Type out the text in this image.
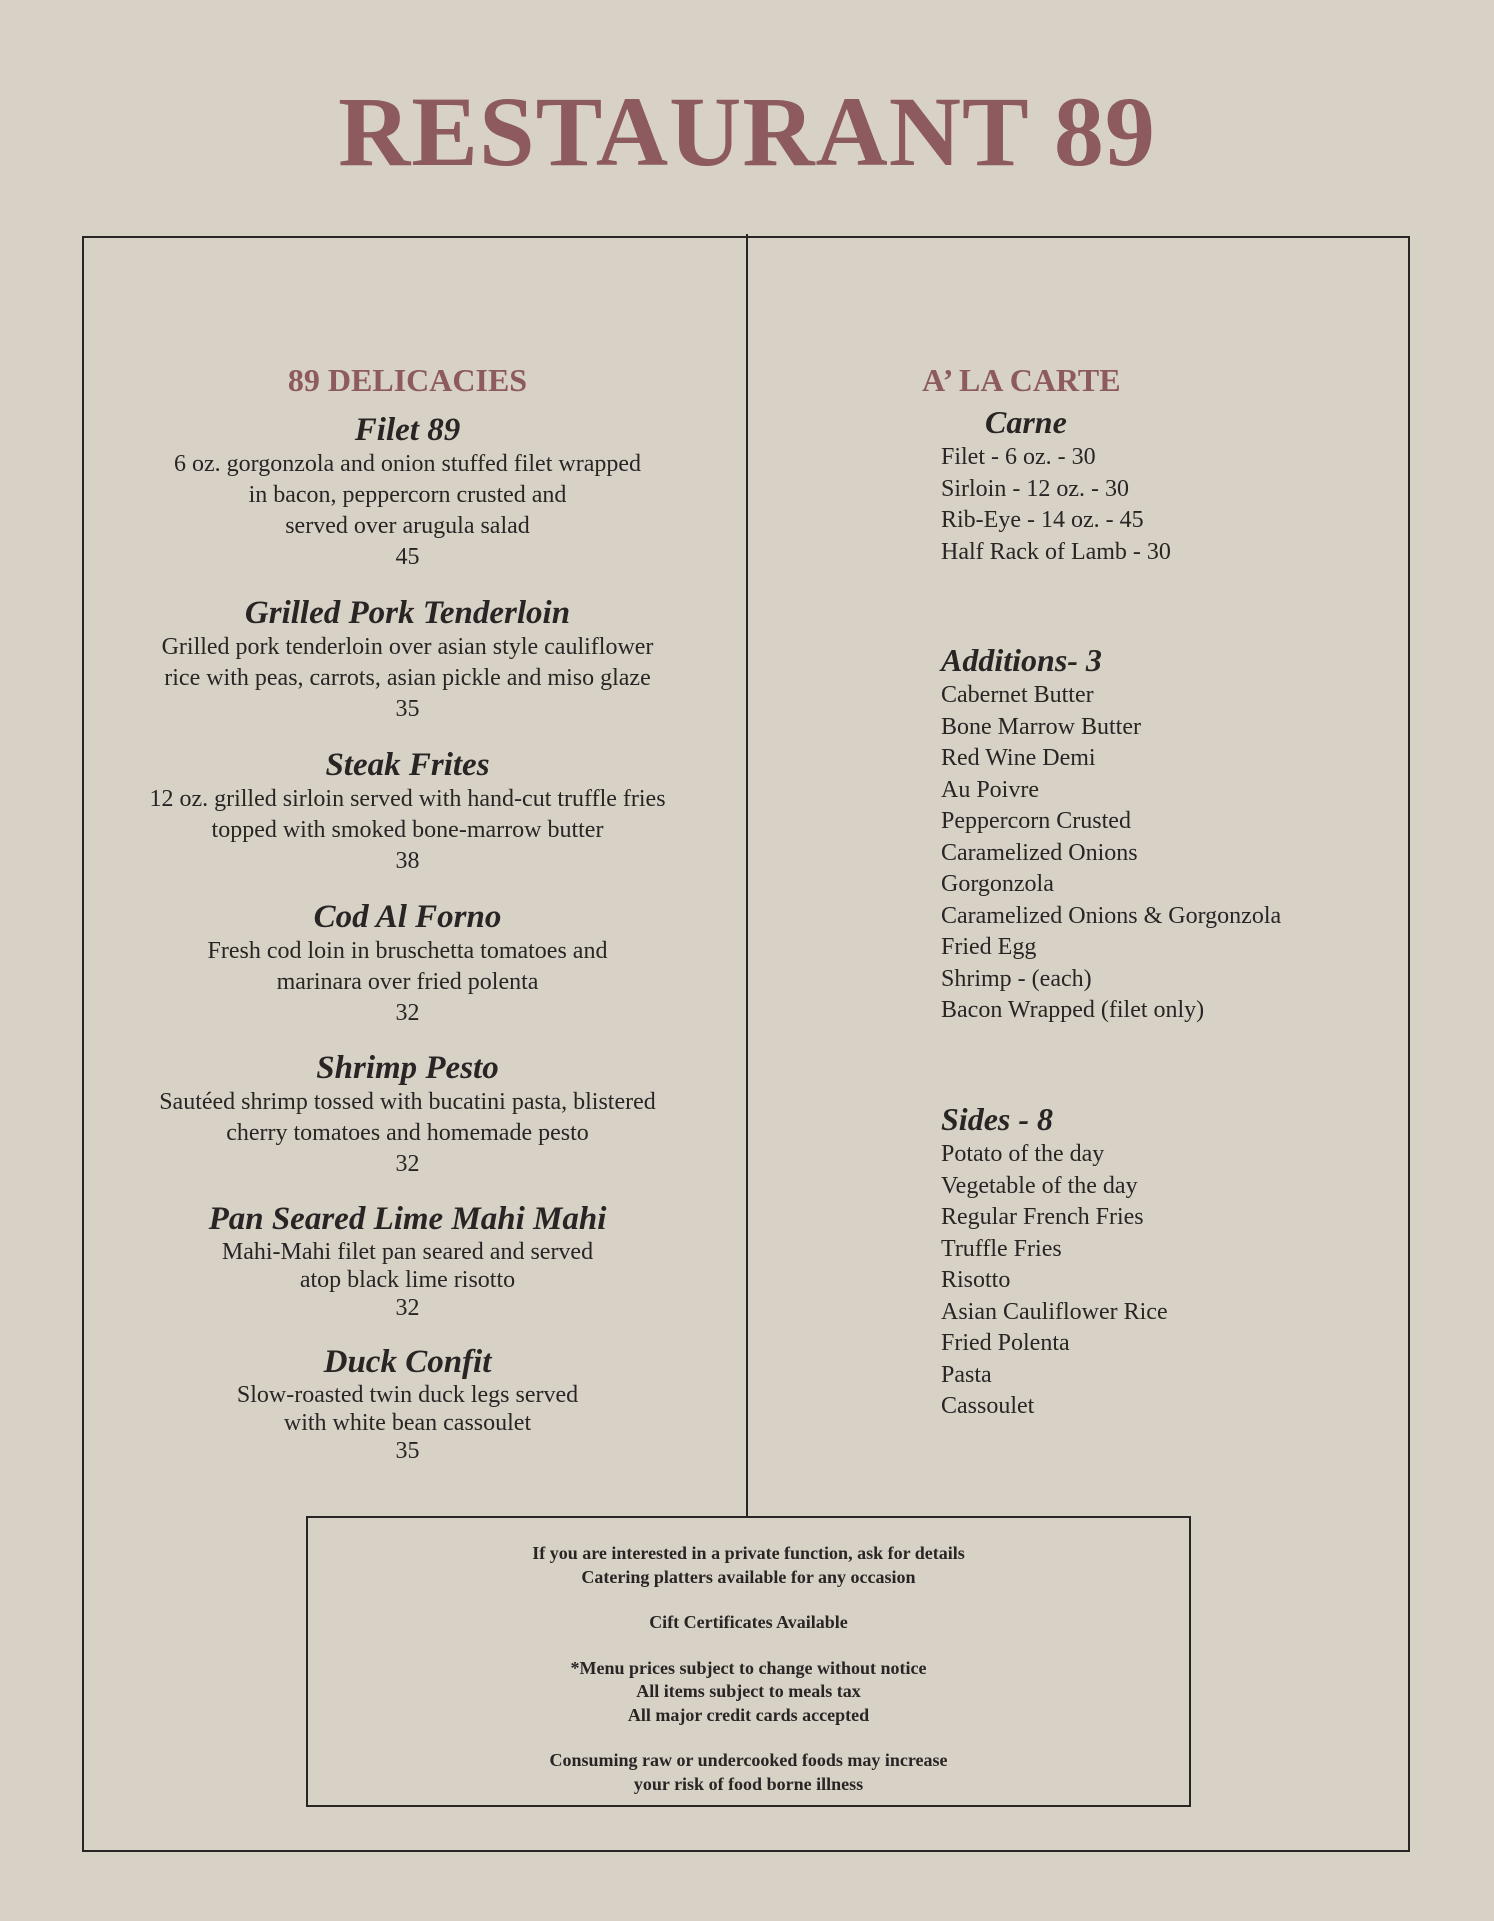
RESTAURANT 89
89 DELICACIES
Filet 89
6 oz. gorgonzola and onion stuffed filet wrapped
in bacon, peppercorn crusted and
served over arugula salad
45
Grilled Pork Tenderloin
Grilled pork tenderloin over asian style cauliflower
rice with peas, carrots, asian pickle and miso glaze
35
Steak Frites
12 oz. grilled sirloin served with hand-cut truffle fries
topped with smoked bone-marrow butter
38
Cod Al Forno
Fresh cod loin in bruschetta tomatoes and
marinara over fried polenta
32
Shrimp Pesto
Sautéed shrimp tossed with bucatini pasta, blistered
cherry tomatoes and homemade pesto
32
Pan Seared Lime Mahi Mahi
Mahi-Mahi filet pan seared and served
atop black lime risotto
32
Duck Confit
Slow-roasted twin duck legs served
with white bean cassoulet
35
A’ LA CARTE
Carne
Filet - 6 oz. - 30
Sirloin - 12 oz. - 30
Rib-Eye - 14 oz. - 45
Half Rack of Lamb - 30
Additions- 3
Cabernet Butter
Bone Marrow Butter
Red Wine Demi
Au Poivre
Peppercorn Crusted
Caramelized Onions
Gorgonzola
Caramelized Onions & Gorgonzola
Fried Egg
Shrimp - (each)
Bacon Wrapped (filet only)
Sides - 8
Potato of the day
Vegetable of the day
Regular French Fries
Truffle Fries
Risotto
Asian Cauliflower Rice
Fried Polenta
Pasta
Cassoulet
If you are interested in a private function, ask for details
Catering platters available for any occasion
Cift Certificates Available
*Menu prices subject to change without notice
All items subject to meals tax
All major credit cards accepted
Consuming raw or undercooked foods may increase
your risk of food borne illness
